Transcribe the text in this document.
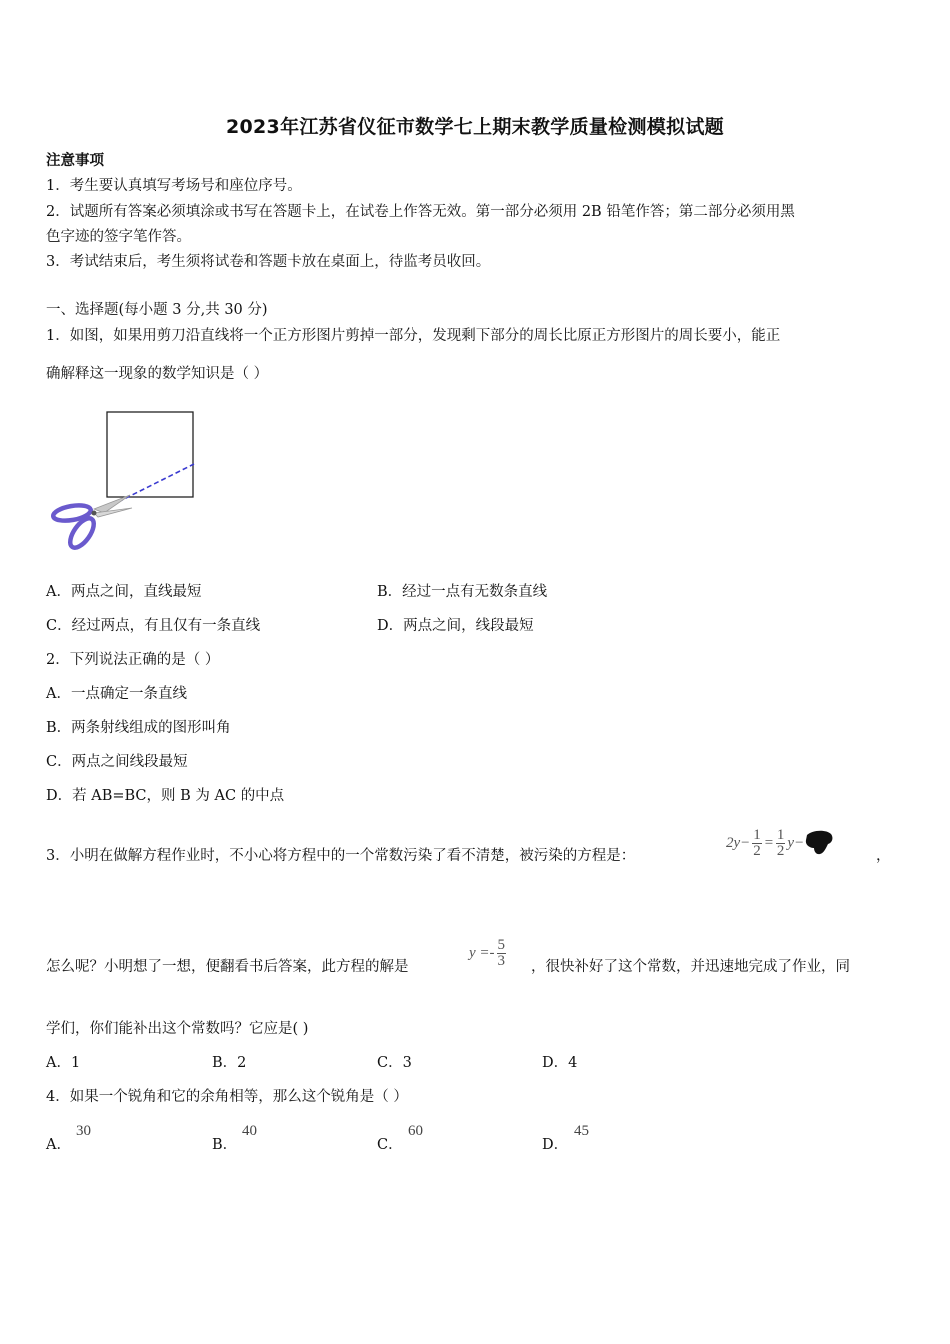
2023年江苏省仪征市数学七上期末教学质量检测模拟试题
注意事项
1．考生要认真填写考场号和座位序号。
2．试题所有答案必须填涂或书写在答题卡上，在试卷上作答无效。第一部分必须用 2B 铅笔作答；第二部分必须用黑
色字迹的签字笔作答。
3．考试结束后，考生须将试卷和答题卡放在桌面上，待监考员收回。
一、选择题(每小题 3 分,共 30 分)
1．如图，如果用剪刀沿直线将一个正方形图片剪掉一部分，发现剩下部分的周长比原正方形图片的周长要小，能正
确解释这一现象的数学知识是（ ）
A．两点之间，直线最短	B．经过一点有无数条直线
C．经过两点，有且仅有一条直线	D．两点之间，线段最短
2．下列说法正确的是（ ）
A．一点确定一条直线
B．两条射线组成的图形叫角
C．两点之间线段最短
D．若 AB=BC，则 B 为 AC 的中点
3．小明在做解方程作业时，不小心将方程中的一个常数污染了看不清楚，被污染的方程是：
$2y - \frac{1}{2} = \frac{1}{2}$ y −
，
怎么呢？小明想了一想，便翻看书后答案，此方程的解是
$y =- \frac{5}{3}$ ，很快补好了这个常数，并迅速地完成了作业，同
学们，你们能补出这个常数吗？它应是( )
A．1	B．2	C．3	D．4
4．如果一个锐角和它的余角相等，那么这个锐角是（ ）
A．
30
B．
40
C．
60
D．
45
